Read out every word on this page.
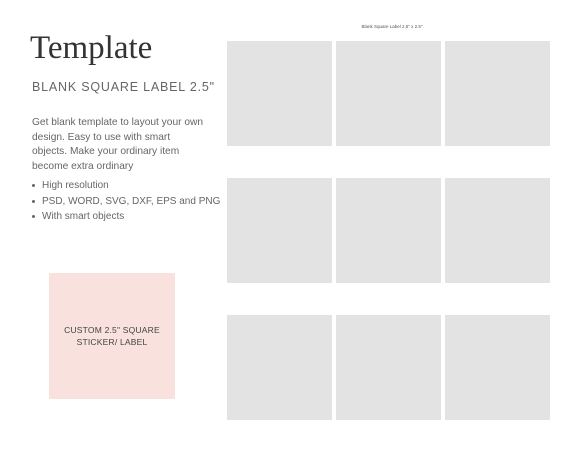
Template

BLANK SQUARE LABEL 2.5"

Get blank template to layout your own design. Easy to use with smart objects. Make your ordinary item become extra ordinary

High resolution
PSD, WORD, SVG, DXF, EPS and PNG
With smart objects
CUSTOM 2.5" SQUARE STICKER/ LABEL
Blank Square Label 2.5" x 2.5"
